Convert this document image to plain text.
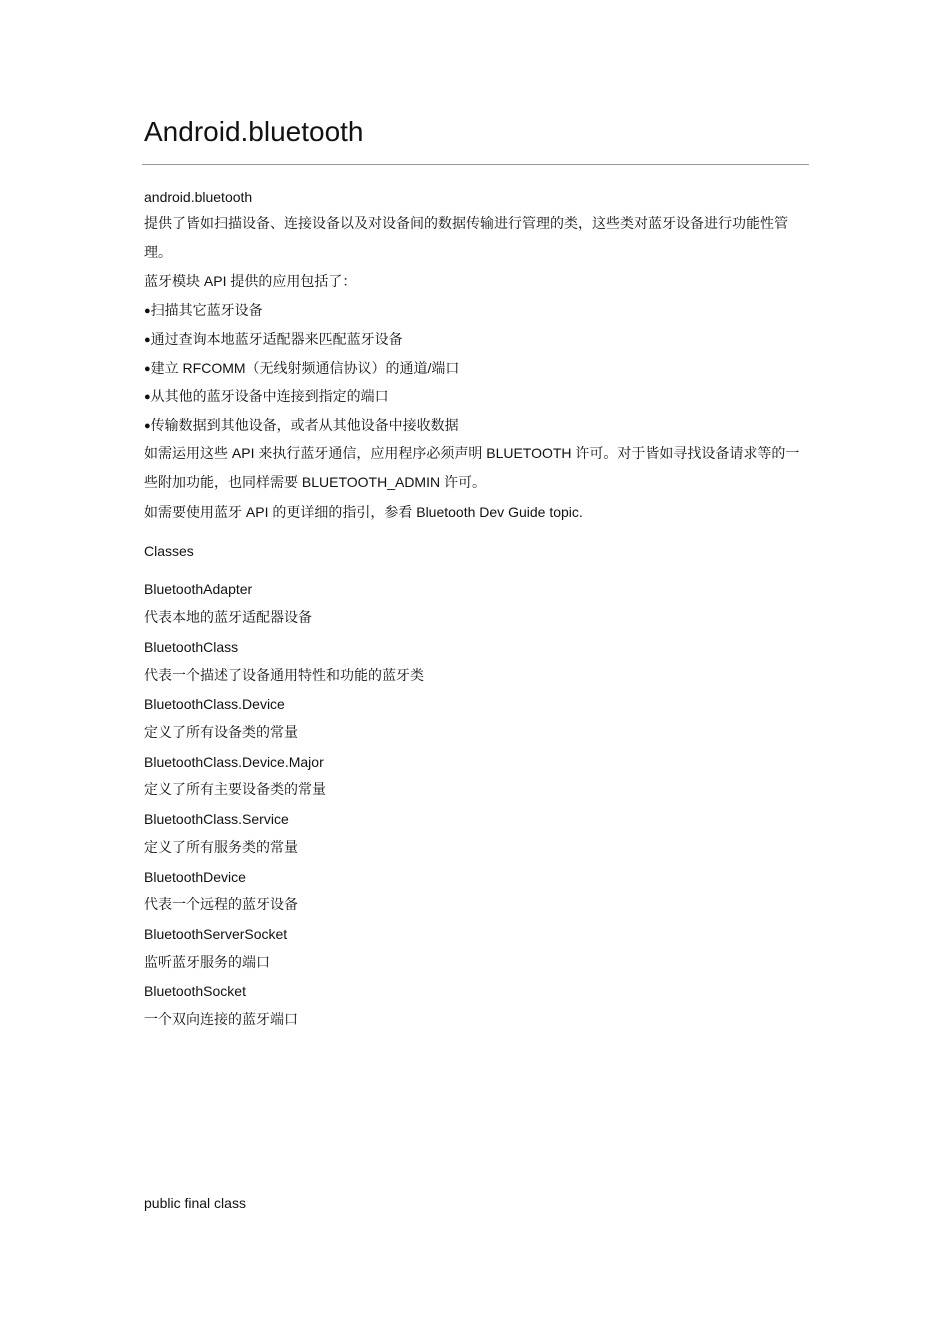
Android.bluetooth
android.bluetooth
提供了皆如扫描设备、连接设备以及对设备间的数据传输进行管理的类，这些类对蓝牙设备进行功能性管理。
蓝牙模块 API 提供的应用包括了：
● 扫描其它蓝牙设备
● 通过查询本地蓝牙适配器来匹配蓝牙设备
● 建立 RFCOMM（无线射频通信协议）的通道/端口
● 从其他的蓝牙设备中连接到指定的端口
● 传输数据到其他设备，或者从其他设备中接收数据
如需运用这些 API 来执行蓝牙通信，应用程序必须声明 BLUETOOTH 许可。对于皆如寻找设备请求等的一些附加功能，也同样需要 BLUETOOTH_ADMIN 许可。
如需要使用蓝牙 API 的更详细的指引，参看 Bluetooth Dev Guide topic.
Classes
BluetoothAdapter
代表本地的蓝牙适配器设备
BluetoothClass
代表一个描述了设备通用特性和功能的蓝牙类
BluetoothClass.Device
定义了所有设备类的常量
BluetoothClass.Device.Major
定义了所有主要设备类的常量
BluetoothClass.Service
定义了所有服务类的常量
BluetoothDevice
代表一个远程的蓝牙设备
BluetoothServerSocket
监听蓝牙服务的端口
BluetoothSocket
一个双向连接的蓝牙端口
public final class
